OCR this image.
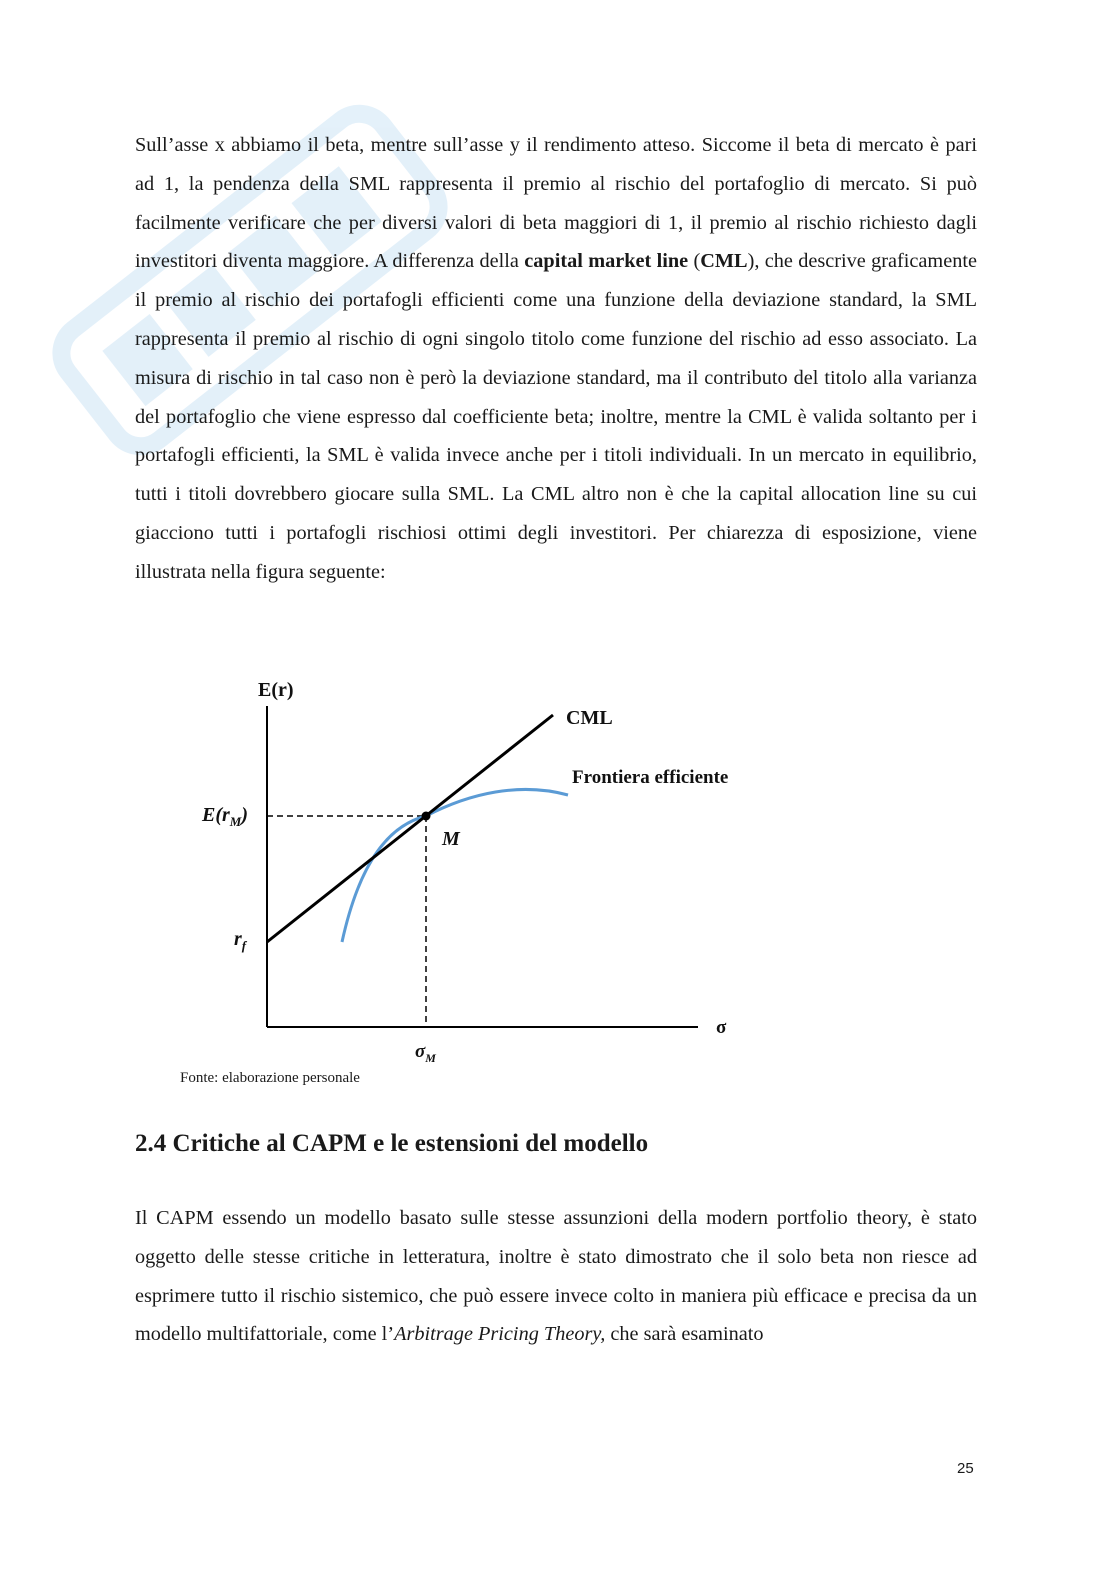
Sull’asse x abbiamo il beta, mentre sull’asse y il rendimento atteso. Siccome il beta di mercato è pari ad 1, la pendenza della SML rappresenta il premio al rischio del portafoglio di mercato. Si può facilmente verificare che per diversi valori di beta maggiori di 1, il premio al rischio richiesto dagli investitori diventa maggiore. A differenza della capital market line (CML), che descrive graficamente il premio al rischio dei portafogli efficienti come una funzione della deviazione standard, la SML rappresenta il premio al rischio di ogni singolo titolo come funzione del rischio ad esso associato. La misura di rischio in tal caso non è però la deviazione standard, ma il contributo del titolo alla varianza del portafoglio che viene espresso dal coefficiente beta; inoltre, mentre la CML è valida soltanto per i portafogli efficienti, la SML è valida invece anche per i titoli individuali. In un mercato in equilibrio, tutti i titoli dovrebbero giocare sulla SML. La CML altro non è che la capital allocation line su cui giacciono tutti i portafogli rischiosi ottimi degli investitori. Per chiarezza di esposizione, viene illustrata nella figura seguente:

E(r)
CML
Frontiera efficiente
$E(r_M)$
M
$r_f$
σ
$\sigma_M$
Fonte: elaborazione personale
2.4 Critiche al CAPM e le estensioni del modello

Il CAPM essendo un modello basato sulle stesse assunzioni della modern portfolio theory, è stato oggetto delle stesse critiche in letteratura, inoltre è stato dimostrato che il solo beta non riesce ad esprimere tutto il rischio sistemico, che può essere invece colto in maniera più efficace e precisa da un modello multifattoriale, come l’Arbitrage Pricing Theory, che sarà esaminato

25
